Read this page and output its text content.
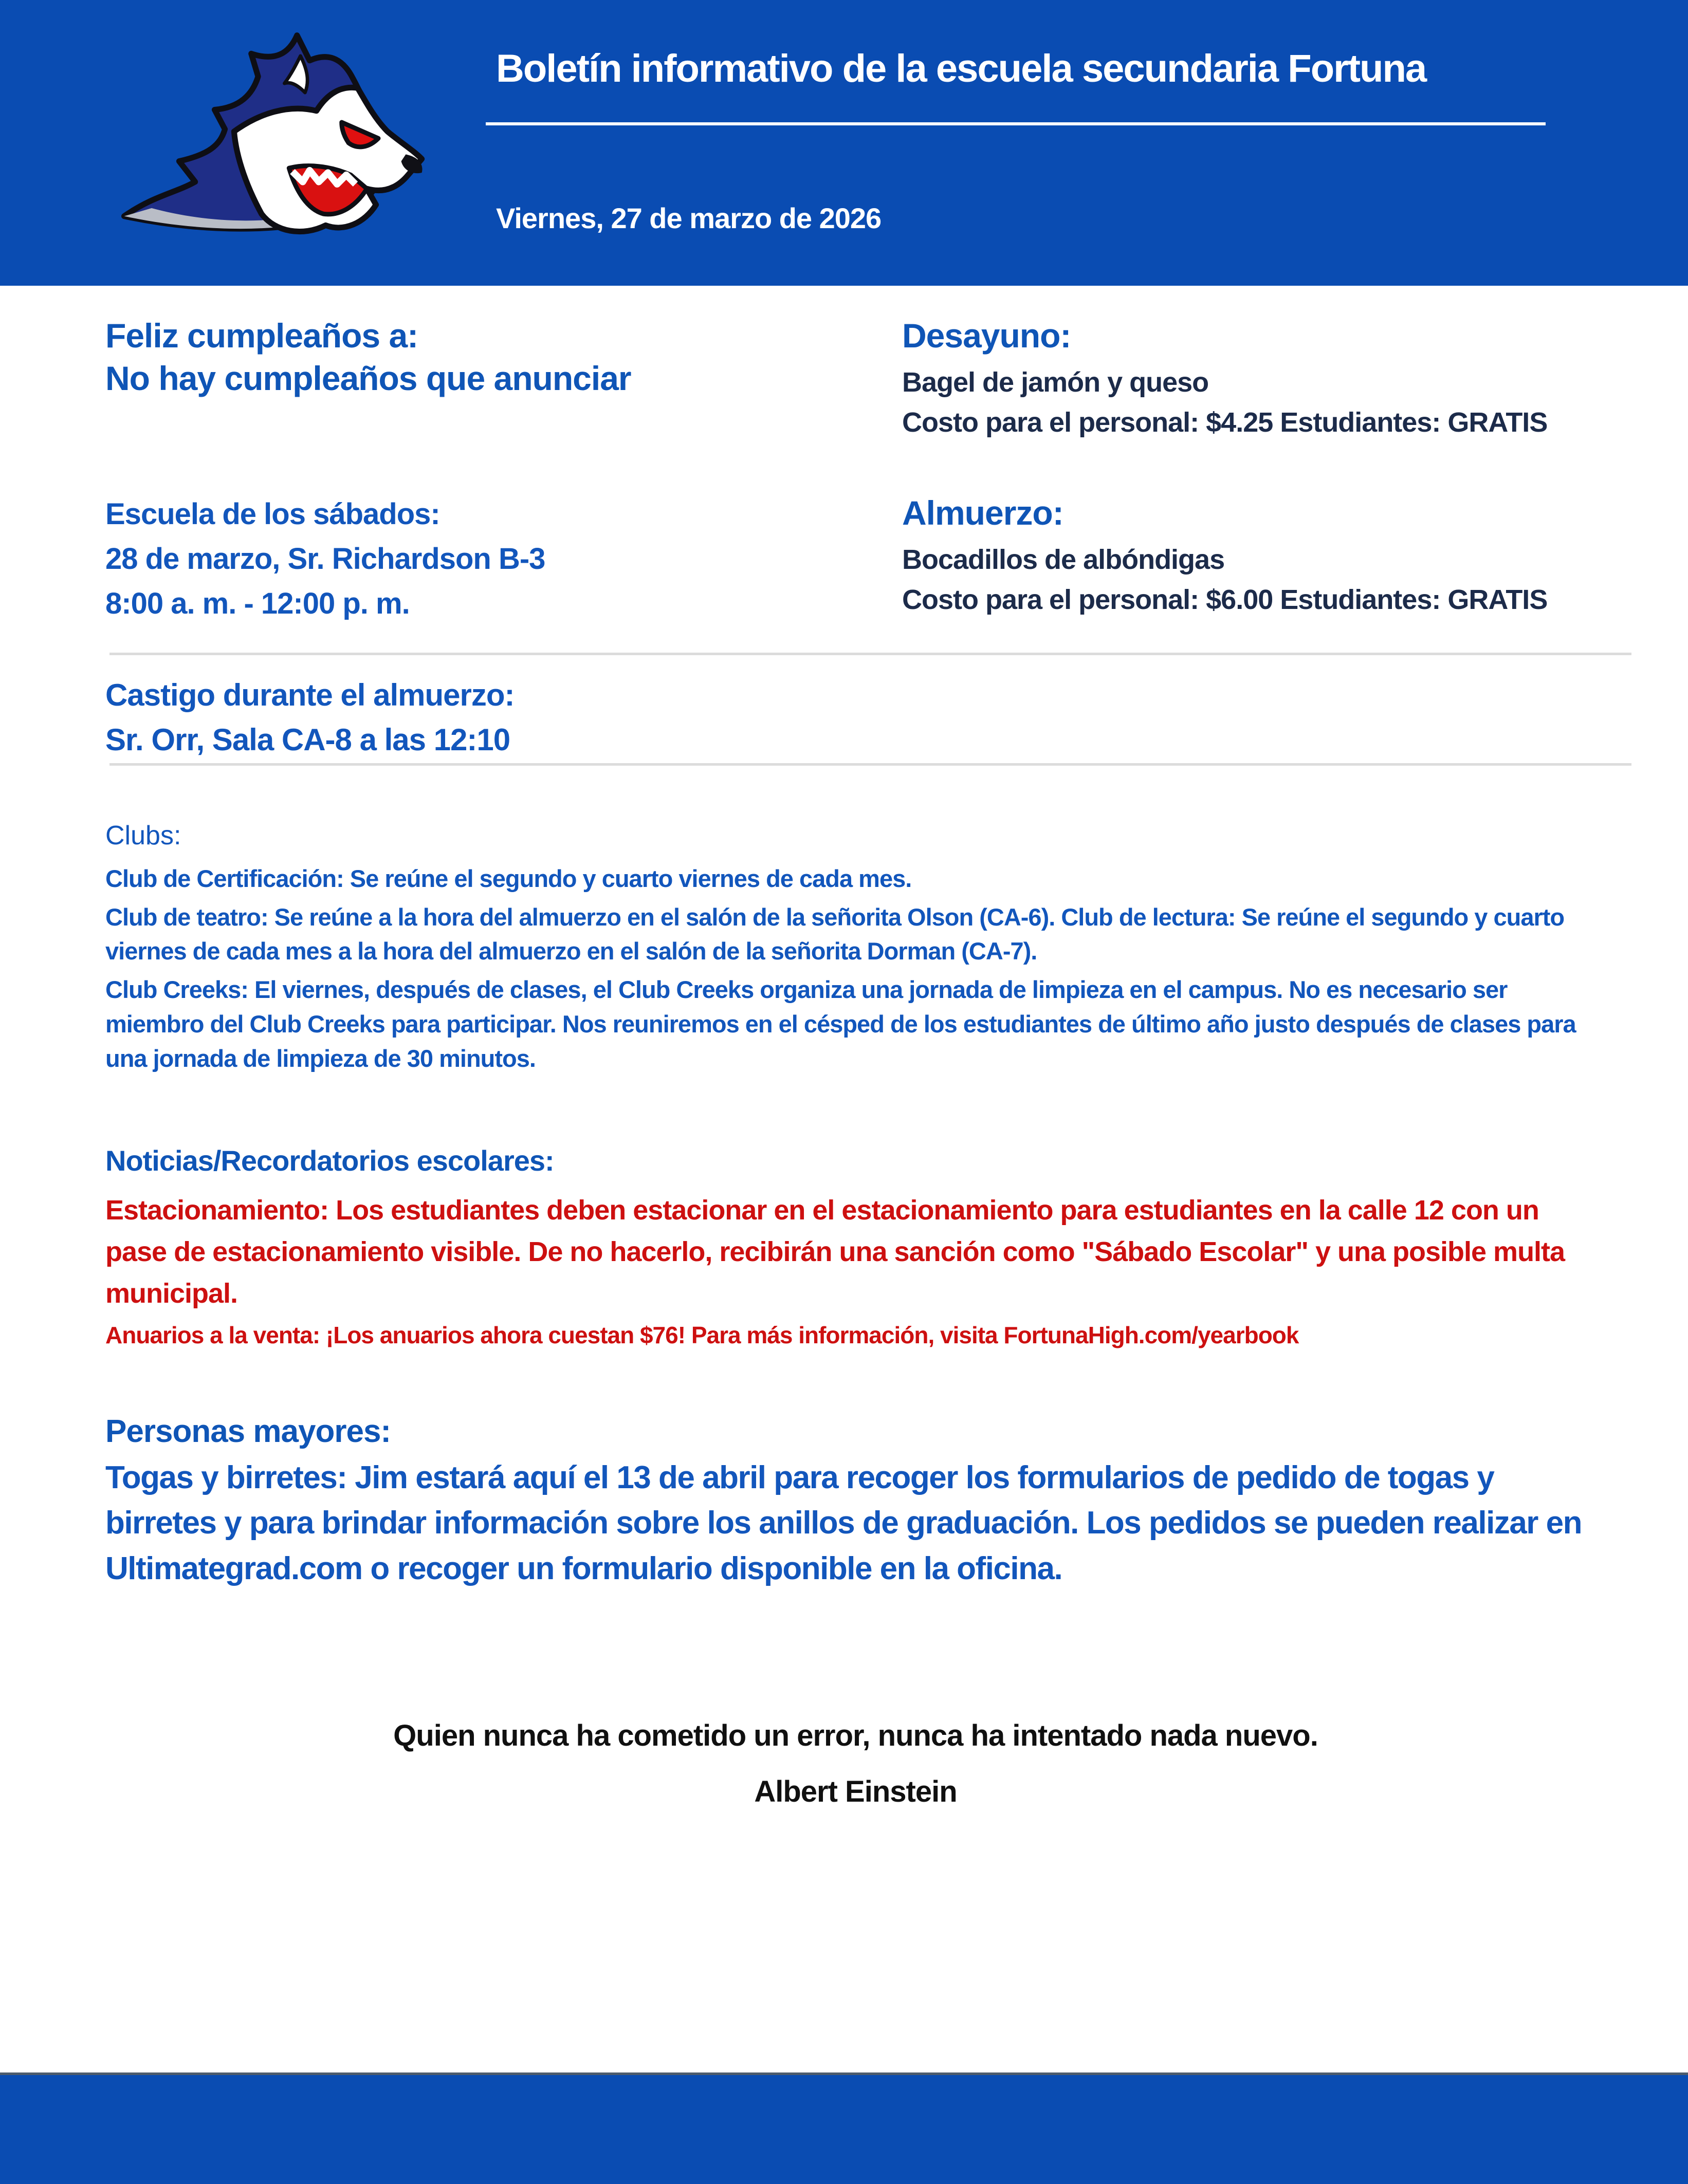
Boletín informativo de la escuela secundaria Fortuna
Viernes, 27 de marzo de 2026
Feliz cumpleaños a:
No hay cumpleaños que anunciar
Desayuno:
Bagel de jamón y queso
Costo para el personal: $4.25 Estudiantes: GRATIS
Escuela de los sábados:
28 de marzo, Sr. Richardson B-3
8:00 a. m. - 12:00 p. m.
Almuerzo:
Bocadillos de albóndigas
Costo para el personal: $6.00 Estudiantes: GRATIS
Castigo durante el almuerzo:
Sr. Orr, Sala CA-8 a las 12:10
Clubs:

Club de Certificación: Se reúne el segundo y cuarto viernes de cada mes.

Club de teatro: Se reúne a la hora del almuerzo en el salón de la señorita Olson (CA-6). Club de lectura: Se reúne el segundo y cuarto viernes de cada mes a la hora del almuerzo en el salón de la señorita Dorman (CA-7).

Club Creeks: El viernes, después de clases, el Club Creeks organiza una jornada de limpieza en el campus. No es necesario ser miembro del Club Creeks para participar. Nos reuniremos en el césped de los estudiantes de último año justo después de clases para una jornada de limpieza de 30 minutos.

Noticias/Recordatorios escolares:
Estacionamiento: Los estudiantes deben estacionar en el estacionamiento para estudiantes en la calle 12 con un pase de estacionamiento visible. De no hacerlo, recibirán una sanción como "Sábado Escolar" y una posible multa municipal.
Anuarios a la venta: ¡Los anuarios ahora cuestan $76! Para más información, visita FortunaHigh.com/yearbook
Personas mayores:
Togas y birretes: Jim estará aquí el 13 de abril para recoger los formularios de pedido de togas y birretes y para brindar información sobre los anillos de graduación. Los pedidos se pueden realizar en Ultimategrad.com o recoger un formulario disponible en la oficina.
Quien nunca ha cometido un error, nunca ha intentado nada nuevo.
Albert Einstein
